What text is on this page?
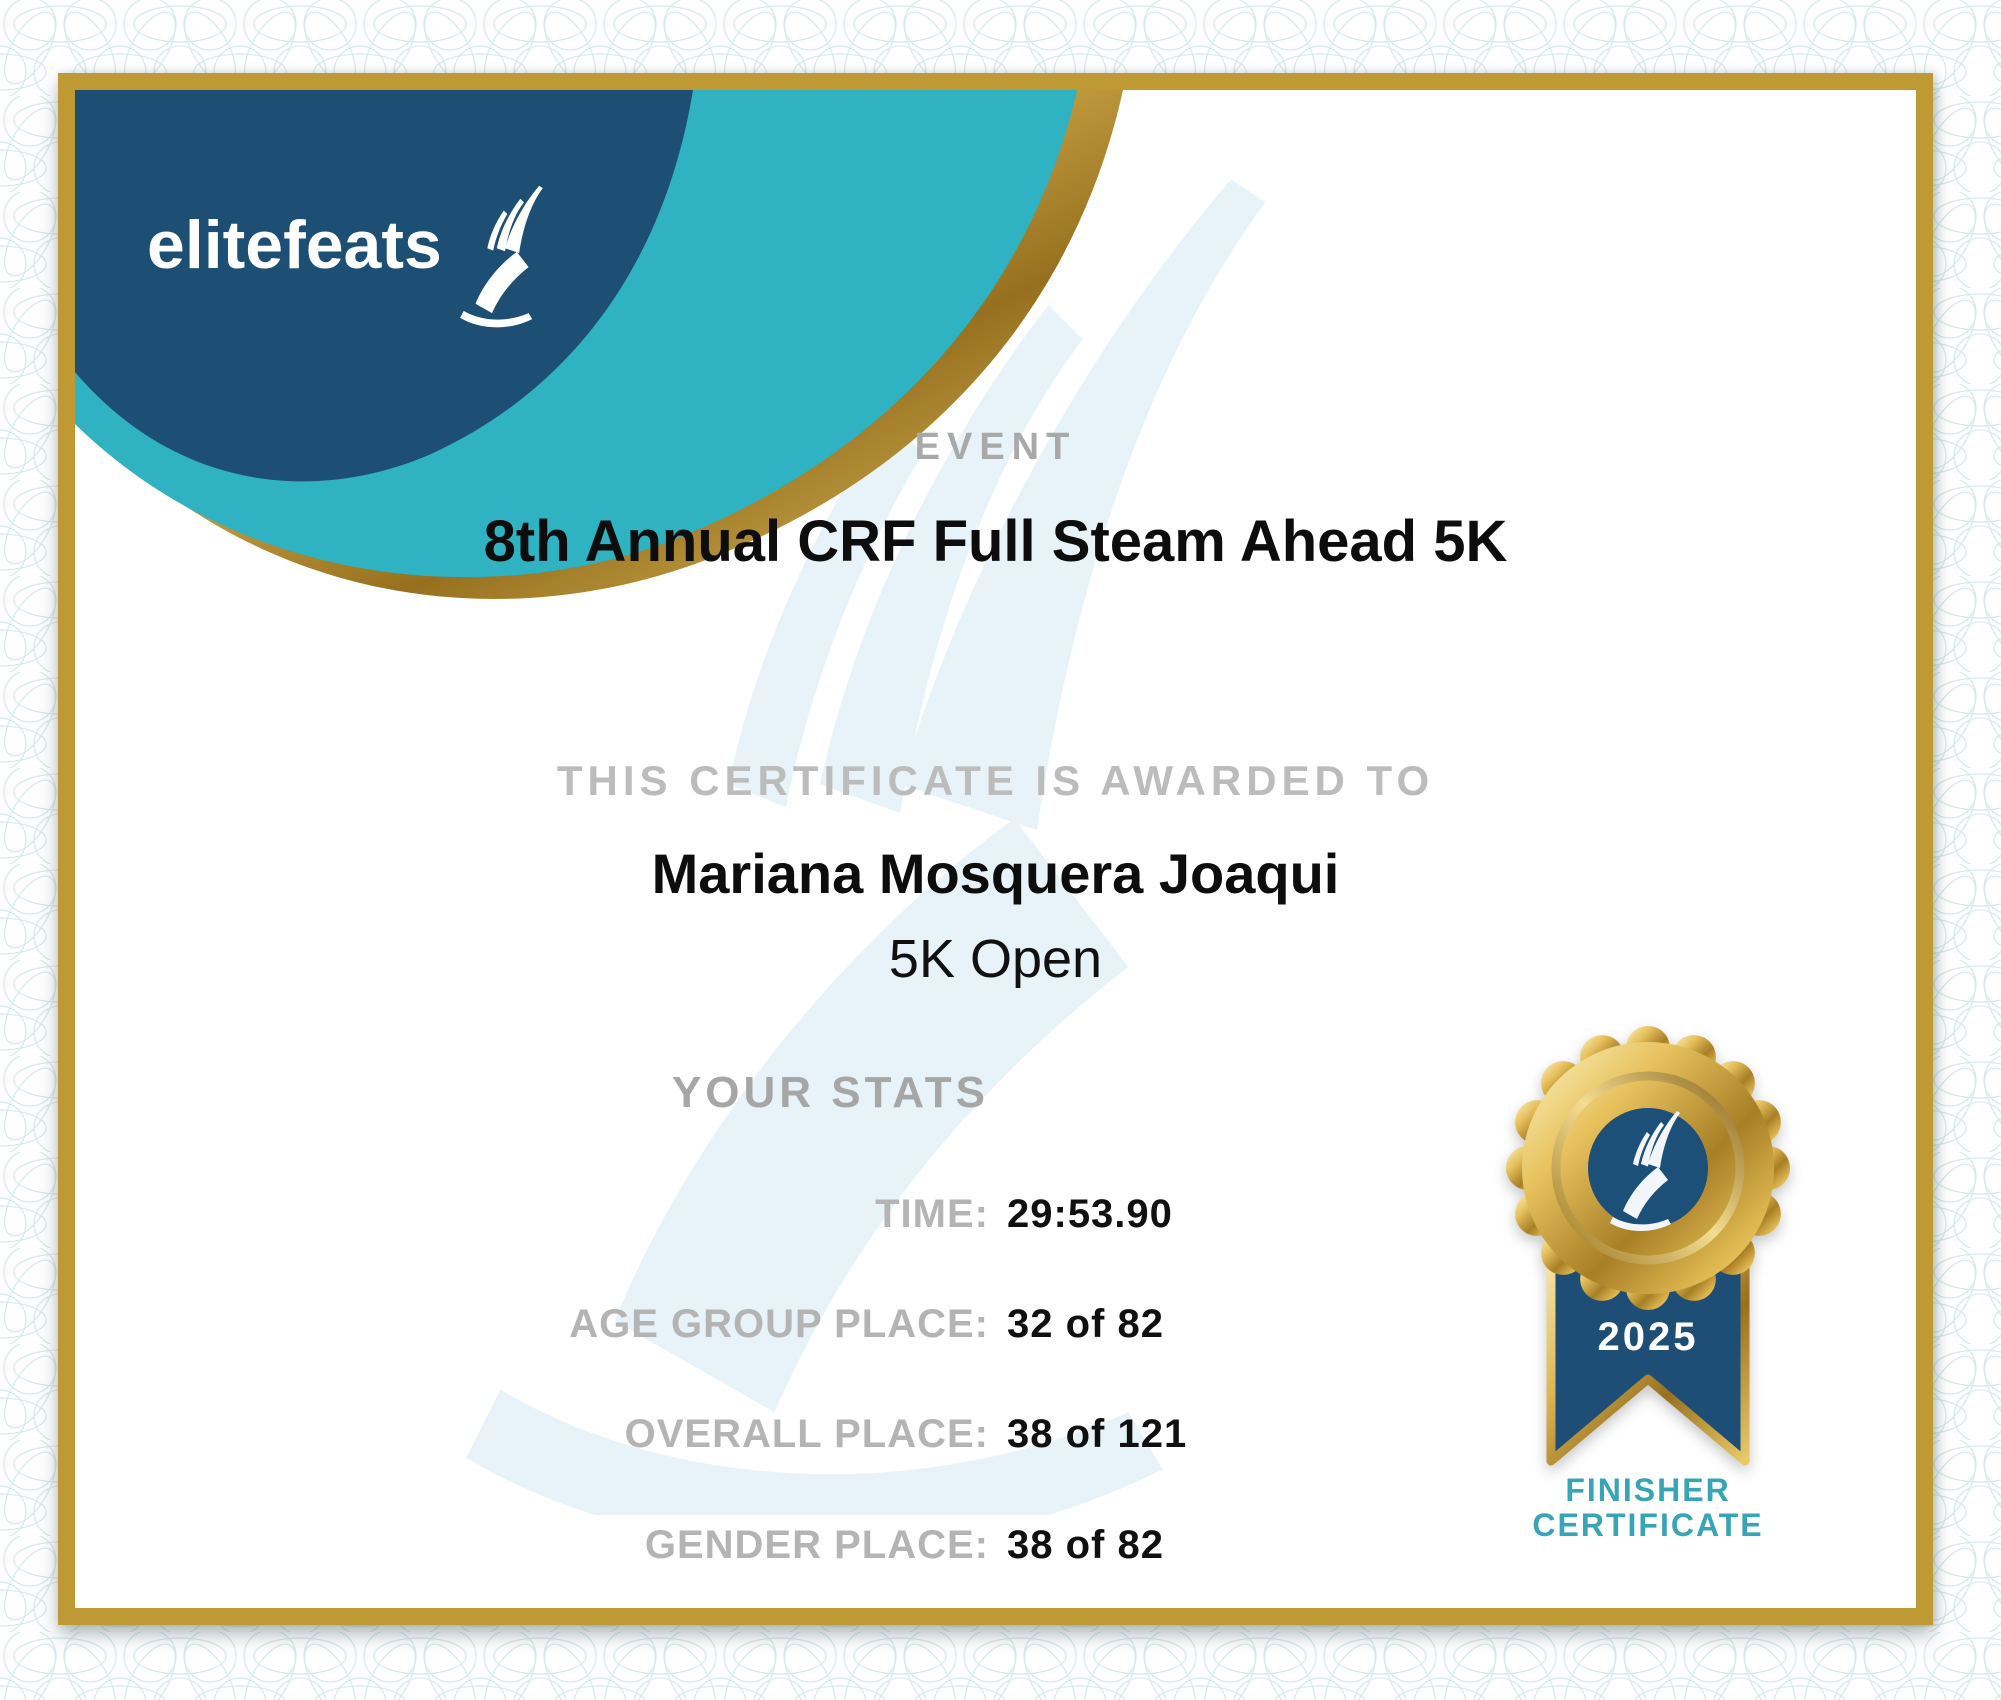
elitefeats
EVENT
8th Annual CRF Full Steam Ahead 5K
THIS CERTIFICATE IS AWARDED TO
Mariana Mosquera Joaqui
5K Open
YOUR STATS
TIME: 29:53.90
AGE GROUP PLACE: 32 of 82
OVERALL PLACE: 38 of 121
GENDER PLACE: 38 of 82
2025
FINISHER
CERTIFICATE
